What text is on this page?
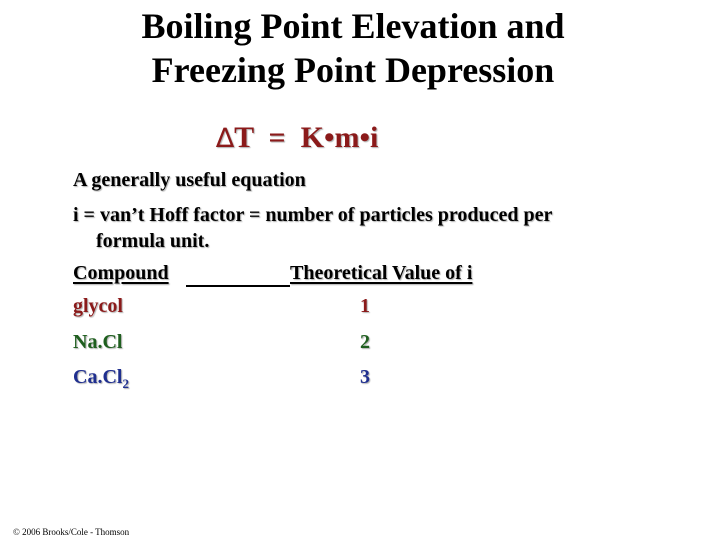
Boiling Point Elevation and
Freezing Point Depression
∆T  =  K•m•i
A generally useful equation
i = van’t Hoff factor = number of particles produced per
formula unit.
Compound	Theoretical Value of i
glycol	1
Na.Cl	2
$Ca.Cl_2$	3
© 2006 Brooks/Cole - Thomson
